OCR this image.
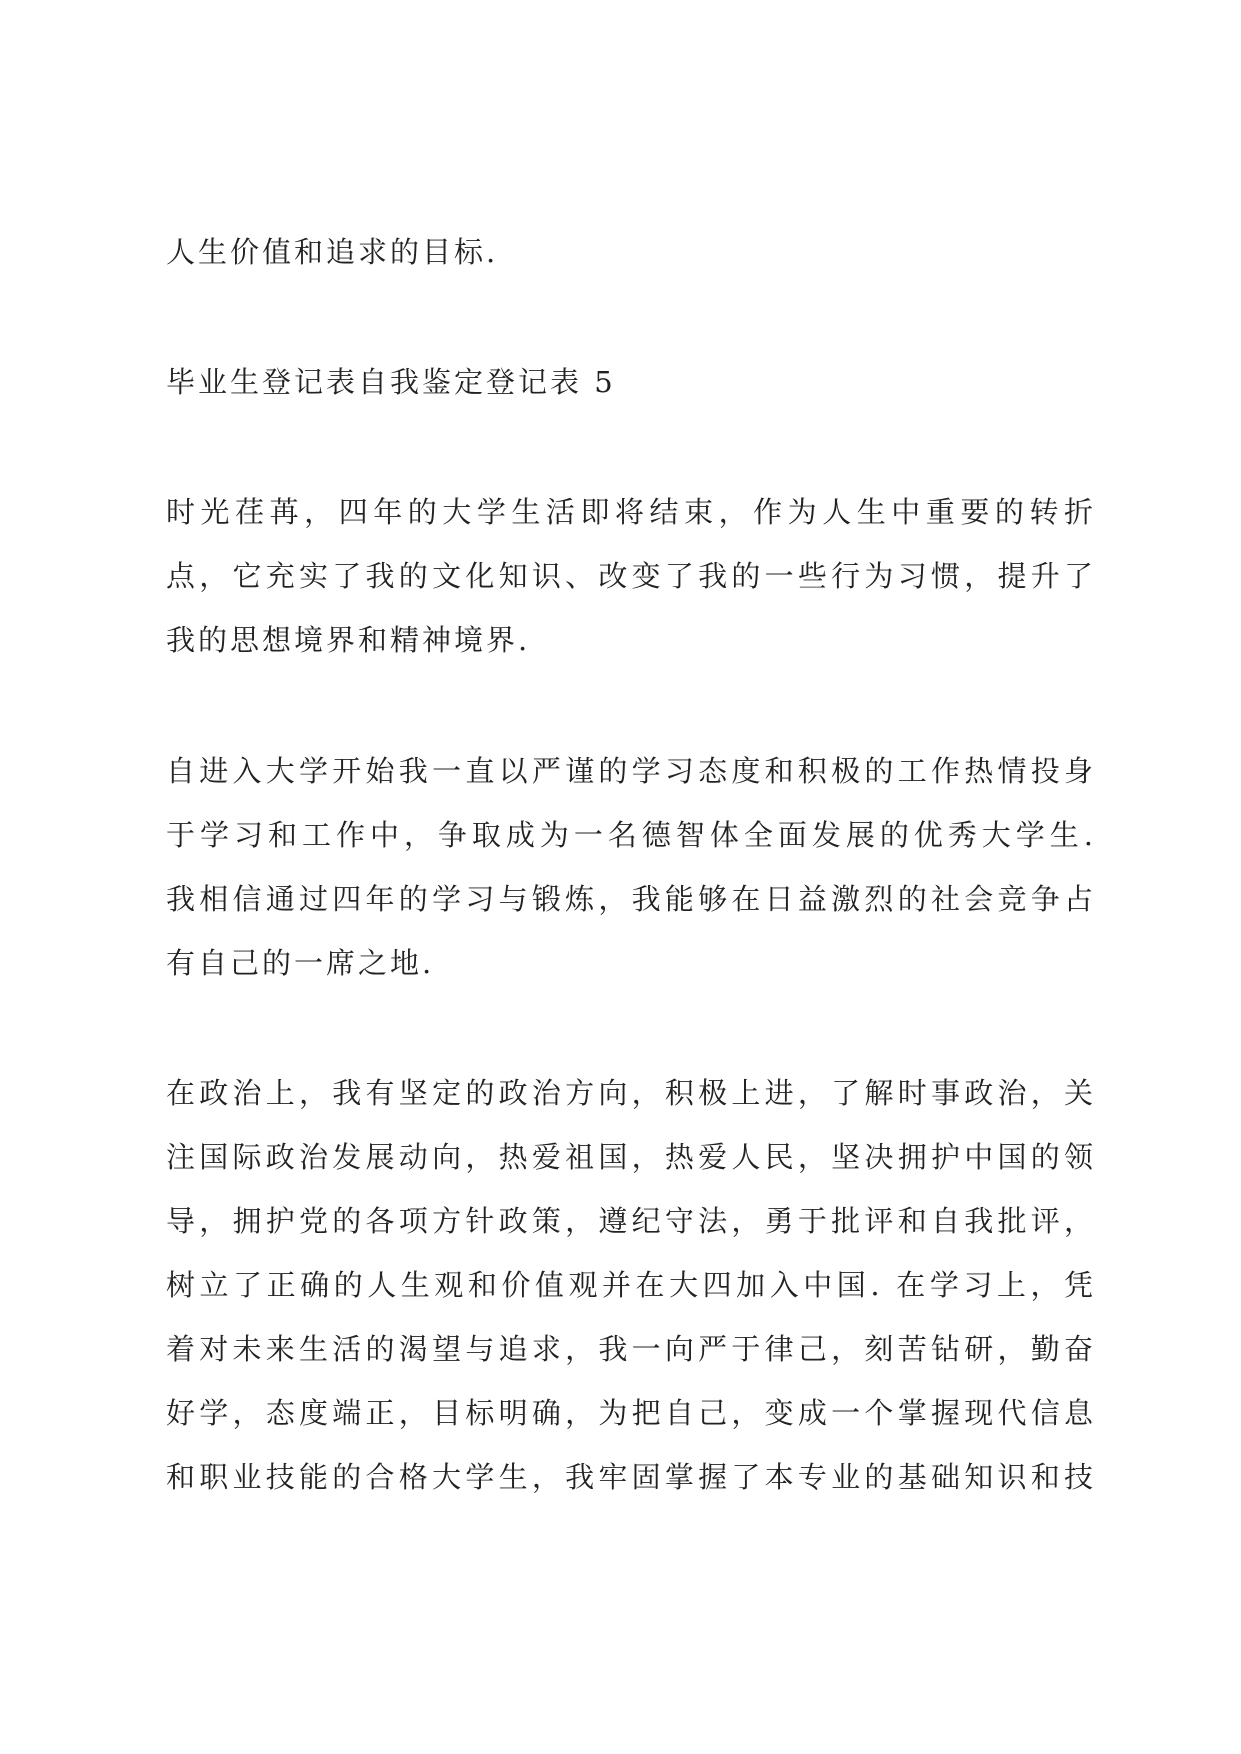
人生价值和追求的目标.
毕业生登记表自我鉴定登记表 5
时光荏苒，四年的大学生活即将结束，作为人生中重要的转折
点，它充实了我的文化知识、改变了我的一些行为习惯，提升了
我的思想境界和精神境界.
自进入大学开始我一直以严谨的学习态度和积极的工作热情投身
于学习和工作中，争取成为一名德智体全面发展的优秀大学生.
我相信通过四年的学习与锻炼，我能够在日益激烈的社会竞争占
有自己的一席之地.
在政治上，我有坚定的政治方向，积极上进，了解时事政治，关
注国际政治发展动向，热爱祖国，热爱人民，坚决拥护中国的领
导，拥护党的各项方针政策，遵纪守法，勇于批评和自我批评，
树立了正确的人生观和价值观并在大四加入中国. 在学习上，凭
着对未来生活的渴望与追求，我一向严于律己，刻苦钻研，勤奋
好学，态度端正，目标明确，为把自己，变成一个掌握现代信息
和职业技能的合格大学生，我牢固掌握了本专业的基础知识和技
